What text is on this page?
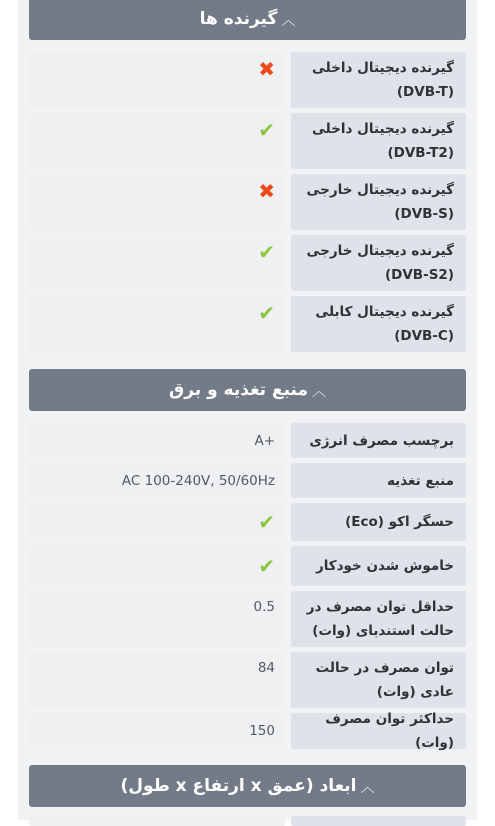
︿
گیرنده ها
گیرنده دیجیتال داخلی (DVB-T)
✖
گیرنده دیجیتال داخلی (DVB-T2)
✔
گیرنده دیجیتال خارجی (DVB-S)
✖
گیرنده دیجیتال خارجی (DVB-S2)
✔
گیرنده دیجیتال کابلی (DVB-C)
✔
︿
منبع تغذیه و برق
برچسب مصرف انرژی
A+
منبع تغذیه
AC 100-240V, 50/60Hz
حسگر اکو (Eco)
✔
خاموش شدن خودکار
✔
حداقل توان مصرف در حالت استندبای (وات)
0.5
توان مصرف در حالت عادی (وات)
84
حداکثر توان مصرف (وات)
150
︿
ابعاد (عمق x ارتفاع x طول)
